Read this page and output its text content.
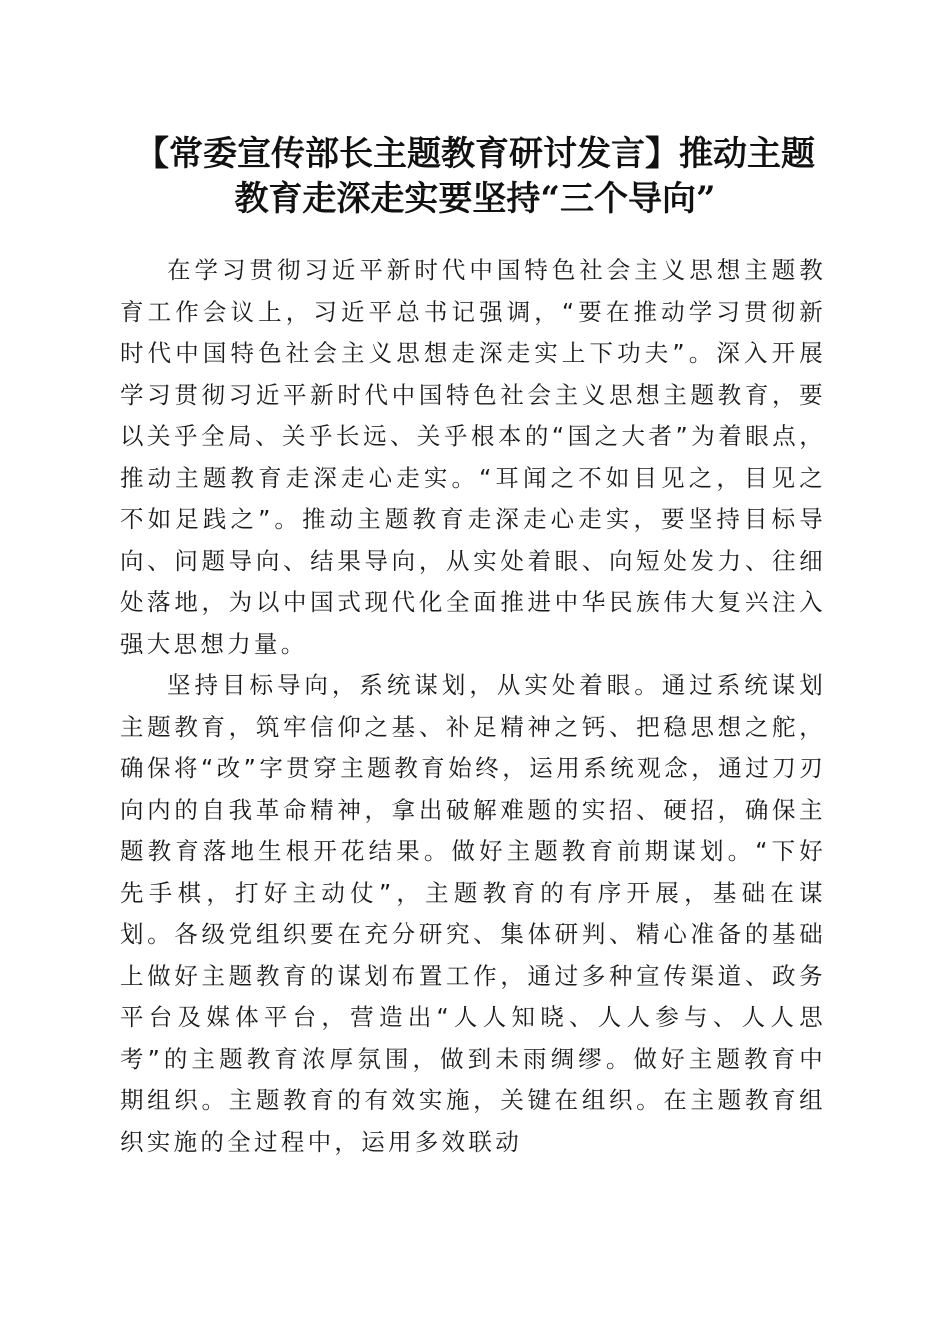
【常委宣传部长主题教育研讨发言】推动主题
教育走深走实要坚持“三个导向”

在学习贯彻习近平新时代中国特色社会主义思想主题教育工作会议上，习近平总书记强调，“要在推动学习贯彻新时代中国特色社会主义思想走深走实上下功夫”。深入开展学习贯彻习近平新时代中国特色社会主义思想主题教育，要以关乎全局、关乎长远、关乎根本的“国之大者”为着眼点，推动主题教育走深走心走实。“耳闻之不如目见之，目见之不如足践之”。推动主题教育走深走心走实，要坚持目标导向、问题导向、结果导向，从实处着眼、向短处发力、往细处落地，为以中国式现代化全面推进中华民族伟大复兴注入强大思想力量。

坚持目标导向，系统谋划，从实处着眼。通过系统谋划主题教育，筑牢信仰之基、补足精神之钙、把稳思想之舵，确保将“改”字贯穿主题教育始终，运用系统观念，通过刀刃向内的自我革命精神，拿出破解难题的实招、硬招，确保主题教育落地生根开花结果。做好主题教育前期谋划。“下好先手棋，打好主动仗”，主题教育的有序开展，基础在谋划。各级党组织要在充分研究、集体研判、精心准备的基础上做好主题教育的谋划布置工作，通过多种宣传渠道、政务平台及媒体平台，营造出“人人知晓、人人参与、人人思考”的主题教育浓厚氛围，做到未雨绸缪。做好主题教育中期组织。主题教育的有效实施，关键在组织。在主题教育组织实施的全过程中，运用多效联动
